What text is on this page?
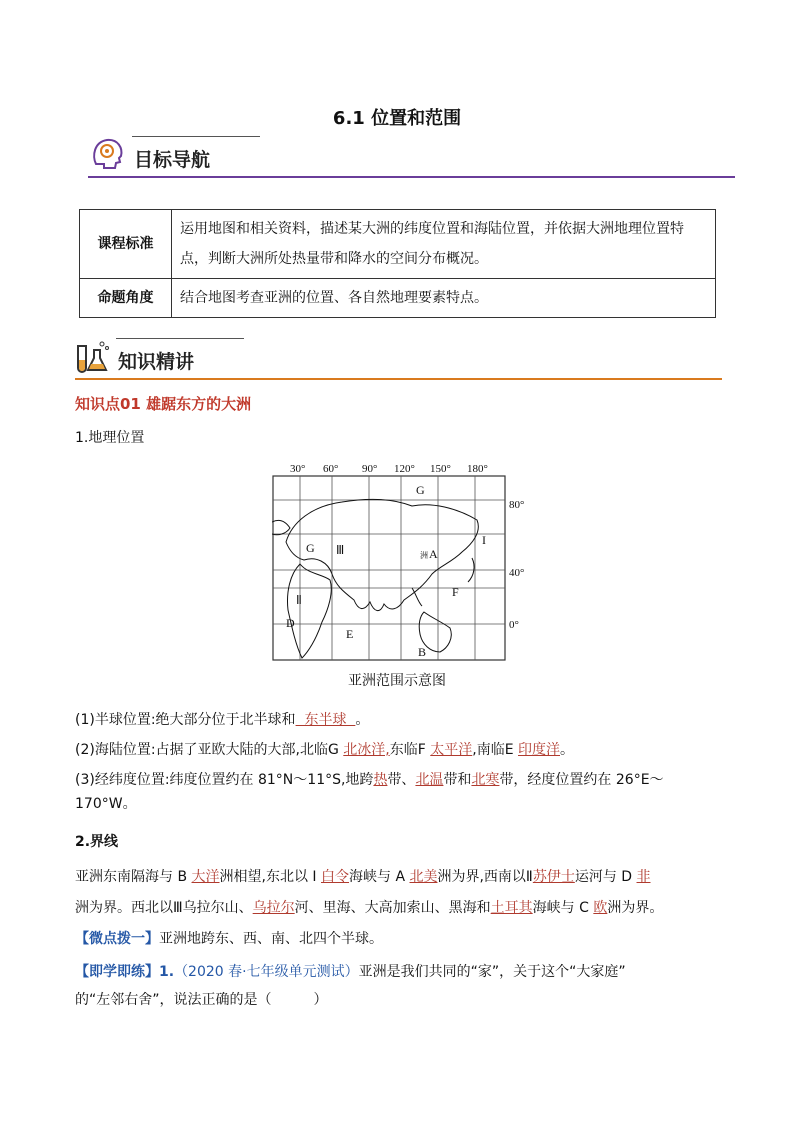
6.1 位置和范围
目标导航
课程标准	运用地图和相关资料，描述某大洲的纬度位置和海陆位置，并依据大洲地理位置特点，判断大洲所处热量带和降水的空间分布概况。
命题角度	结合地图考查亚洲的位置、各自然地理要素特点。
知识精讲
知识点01 雄踞东方的大洲
1.地理位置
30° 60° 90° 120° 150° 180°
80°
40°
0°
G
G Ⅲ	洲 A
I
Ⅱ
F
D
E
B
亚洲范围示意图
(1)半球位置:绝大部分位于北半球和  东半球  。
(2)海陆位置:占据了亚欧大陆的大部,北临G 北冰洋,东临F 太平洋,南临E 印度洋。
(3)经纬度位置:纬度位置约在 81°N～11°S,地跨热带、北温带和北寒带，经度位置约在 26°E～
170°W。
2.界线
亚洲东南隔海与 B 大洋洲相望,东北以 I 白令海峡与 A 北美洲为界,西南以Ⅱ苏伊士运河与 D 非
洲为界。西北以Ⅲ乌拉尔山、乌拉尔河、里海、大高加索山、黑海和土耳其海峡与 C 欧洲为界。
【微点拨一】亚洲地跨东、西、南、北四个半球。
【即学即练】1.（2020 春·七年级单元测试）亚洲是我们共同的“家”，关于这个“大家庭”
的“左邻右舍”，说法正确的是（　　　）
